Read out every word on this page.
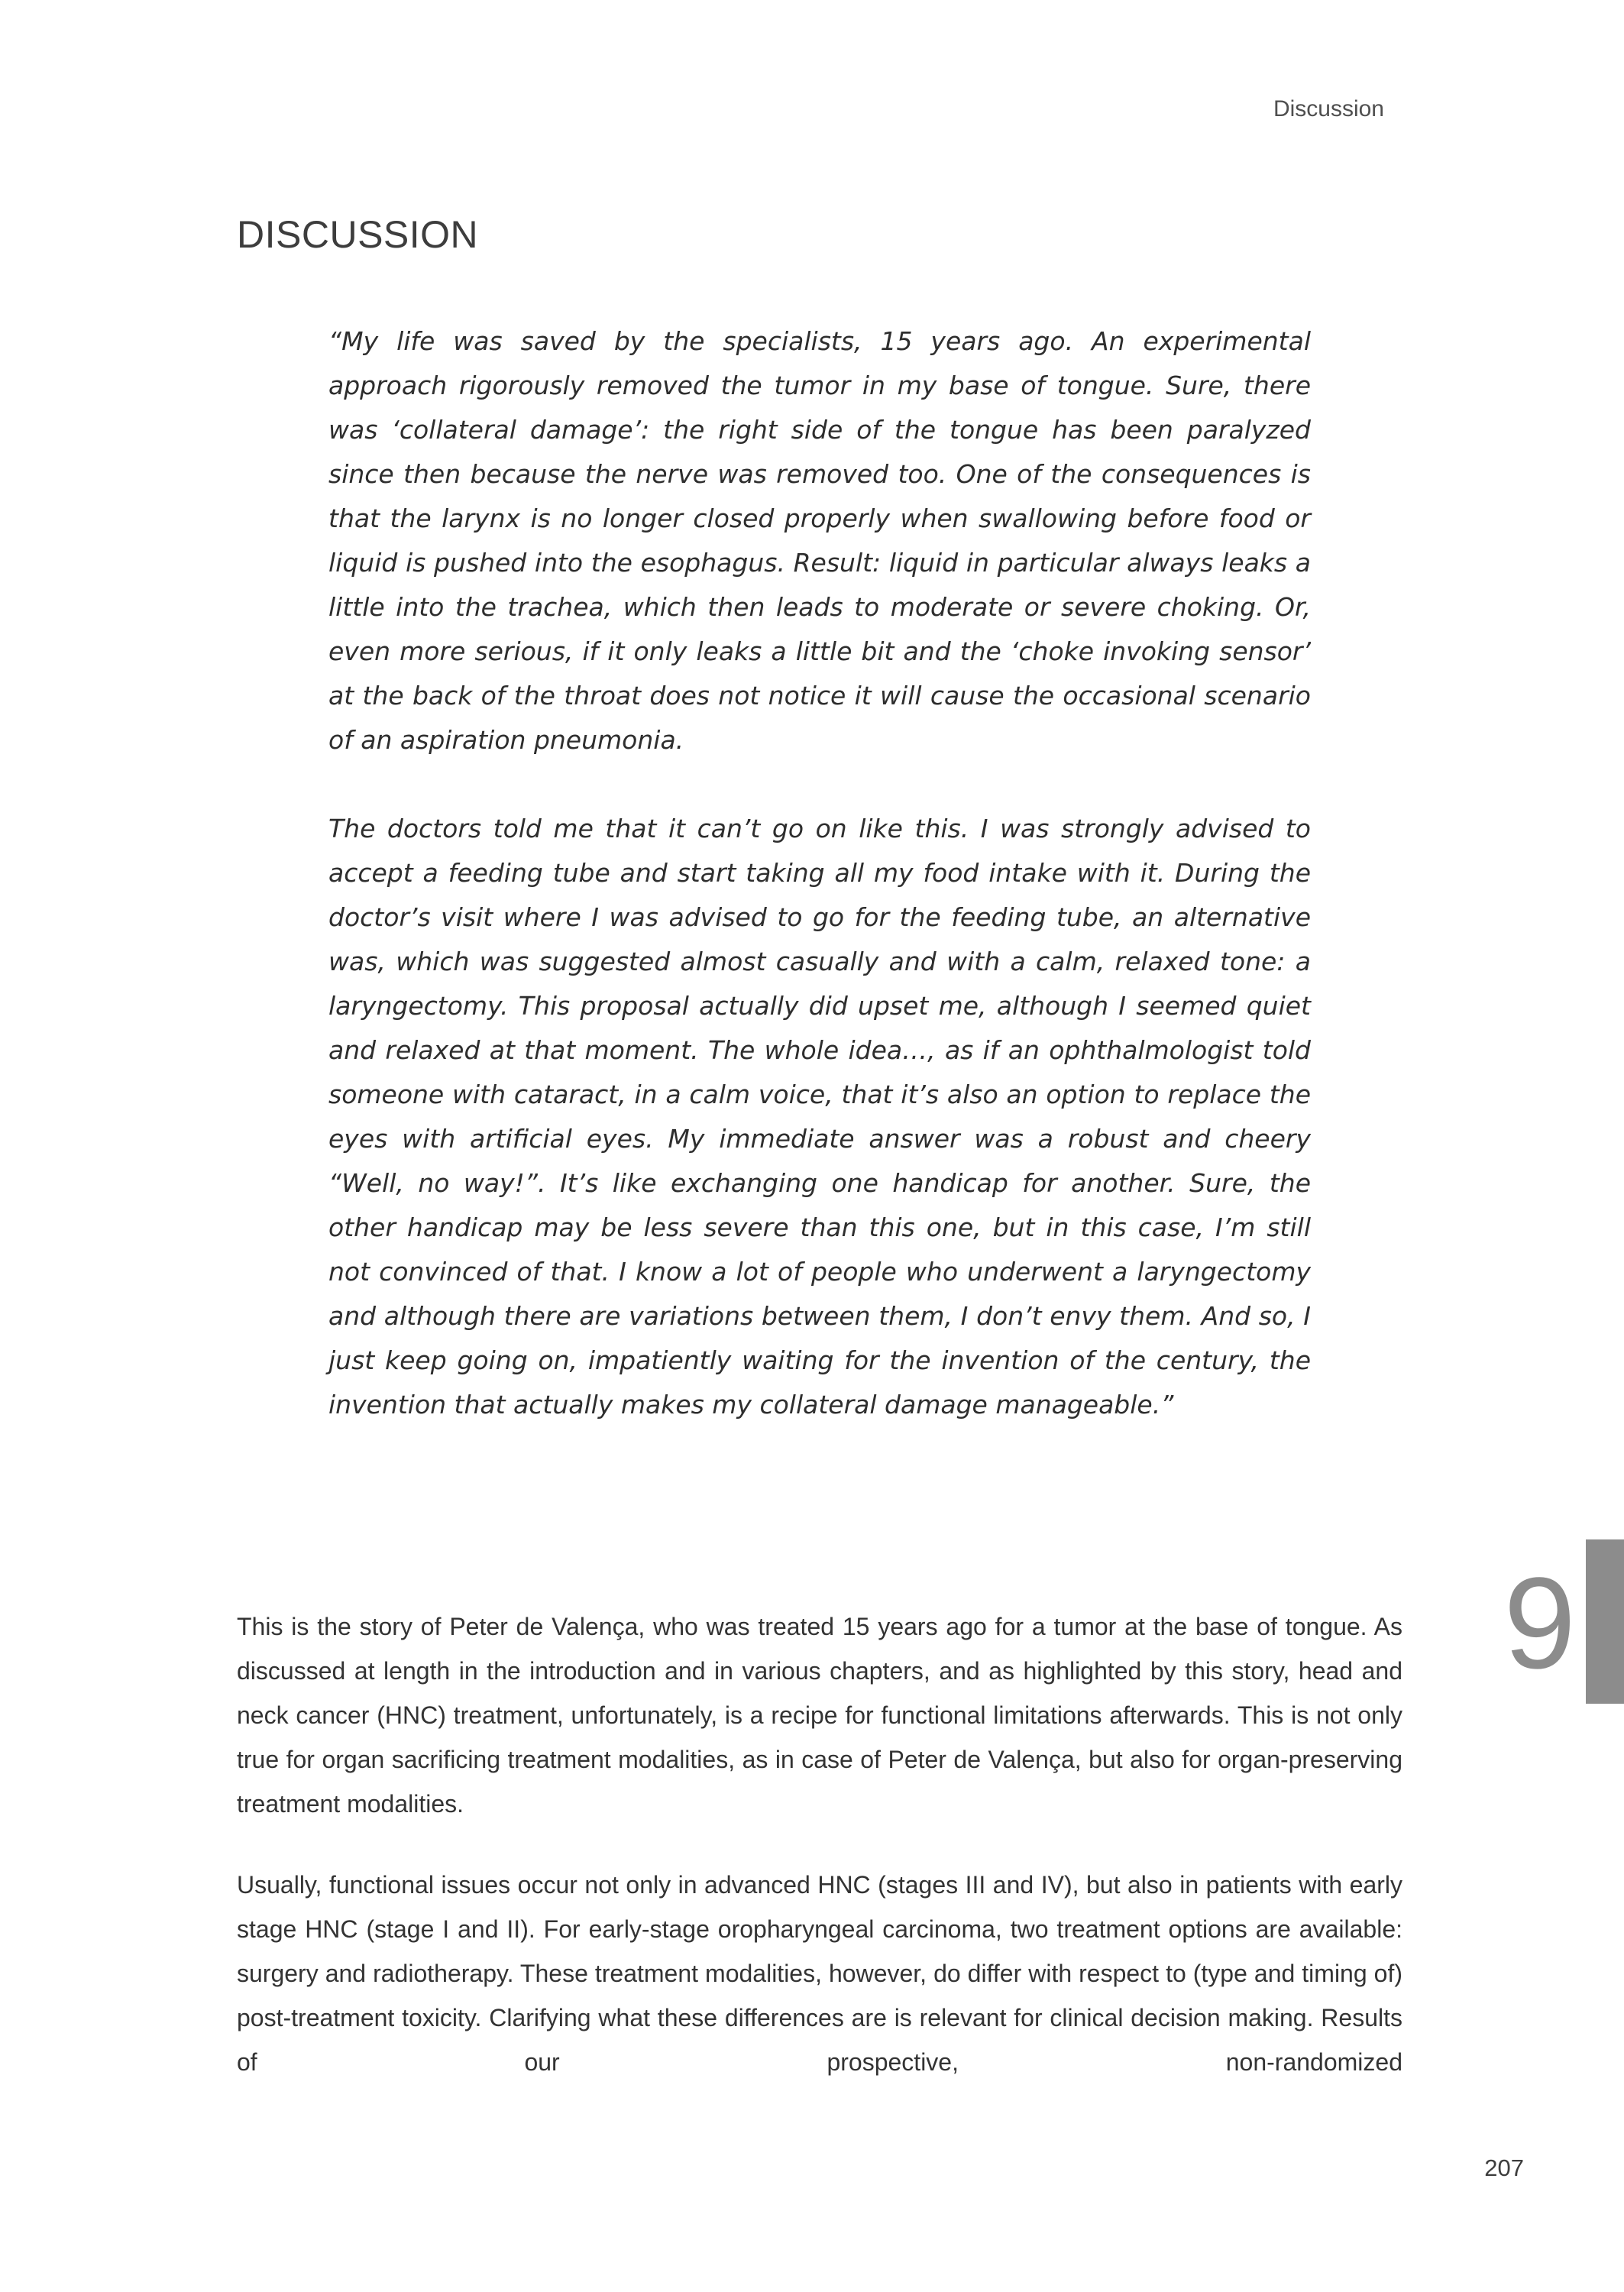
Discussion
DISCUSSION

“My life was saved by the specialists, 15 years ago. An experimental approach rigorously removed the tumor in my base of tongue. Sure, there was ‘collateral damage’: the right side of the tongue has been paralyzed since then because the nerve was removed too. One of the consequences is that the larynx is no longer closed properly when swallowing before food or liquid is pushed into the esophagus. Result: liquid in particular always leaks a little into the trachea, which then leads to moderate or severe choking. Or, even more serious, if it only leaks a little bit and the ‘choke invoking sensor’ at the back of the throat does not notice it will cause the occasional scenario of an aspiration pneumonia.

The doctors told me that it can’t go on like this. I was strongly advised to accept a feeding tube and start taking all my food intake with it. During the doctor’s visit where I was advised to go for the feeding tube, an alternative was, which was suggested almost casually and with a calm, relaxed tone: a laryngectomy. This proposal actually did upset me, although I seemed quiet and relaxed at that moment. The whole idea…, as if an ophthalmologist told someone with cataract, in a calm voice, that it’s also an option to replace the eyes with artificial eyes. My immediate answer was a robust and cheery “Well, no way!”. It’s like exchanging one handicap for another. Sure, the other handicap may be less severe than this one, but in this case, I’m still not convinced of that. I know a lot of people who underwent a laryngectomy and although there are variations between them, I don’t envy them. And so, I just keep going on, impatiently waiting for the invention of the century, the invention that actually makes my collateral damage manageable.”

This is the story of Peter de Valença, who was treated 15 years ago for a tumor at the base of tongue. As discussed at length in the introduction and in various chapters, and as highlighted by this story, head and neck cancer (HNC) treatment, unfortunately, is a recipe for functional limitations afterwards. This is not only true for organ sacrificing treatment modalities, as in case of Peter de Valença, but also for organ-preserving treatment modalities.

Usually, functional issues occur not only in advanced HNC (stages III and IV), but also in patients with early stage HNC (stage I and II). For early-stage oropharyngeal carcinoma, two treatment options are available: surgery and radiotherapy. These treatment modalities, however, do differ with respect to (type and timing of) post-treatment toxicity. Clarifying what these differences are is relevant for clinical decision making. Results of our prospective, non-randomized

9
207
